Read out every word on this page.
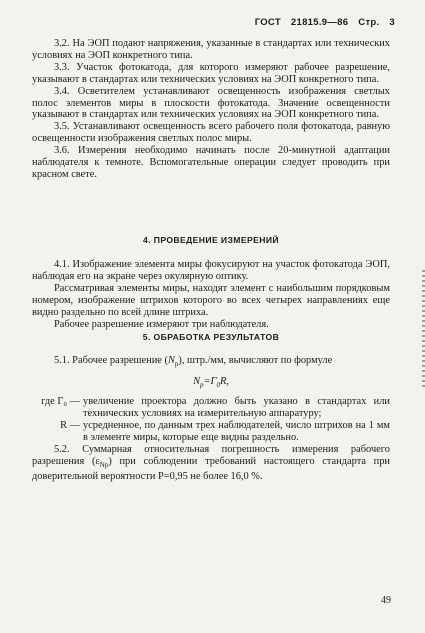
ГОСТ 21815.9—86 Стр. 3

3.2. На ЭОП подают напряжения, указанные в стандартах или технических условиях на ЭОП конкретного типа.

3.3. Участок фотокатода, для которого измеряют рабочее разрешение, указывают в стандартах или технических условиях на ЭОП конкретного типа.

3.4. Осветителем устанавливают освещенность изображения светлых полос элементов миры в плоскости фотокатода. Значение освещенности указывают в стандартах или технических условиях на ЭОП конкретного типа.

3.5. Устанавливают освещенность всего рабочего поля фотокатода, равную освещенности изображения светлых полос миры.

3.6. Измерения необходимо начинать после 20-минутной адаптации наблюдателя к темноте. Вспомогательные операции следует проводить при красном свете.

4. ПРОВЕДЕНИЕ ИЗМЕРЕНИЙ

4.1. Изображение элемента миры фокусируют на участок фотокатода ЭОП, наблюдая его на экране через окулярную оптику.

Рассматривая элементы миры, находят элемент с наибольшим порядковым номером, изображение штрихов которого во всех четырех направлениях еще видно раздельно по всей длине штриха.

Рабочее разрешение измеряют три наблюдателя.

5. ОБРАБОТКА РЕЗУЛЬТАТОВ

5.1. Рабочее разрешение $(N_р)$, штр./мм, вычисляют по формуле

$N_р=Г_0R$,
где Г₀ — увеличение проектора должно быть указано в стандартах или технических условиях на измерительную аппаратуру;
R — усредненное, по данным трех наблюдателей, число штрихов на 1 мм в элементе миры, которые еще видны раздельно.

5.2. Суммарная относительная погрешность измерения рабочего разрешения $(\varepsilon_{Nр})$ при соблюдении требований настоящего стандарта при доверительной вероятности P=0,95 не более 16,0 %.

49
